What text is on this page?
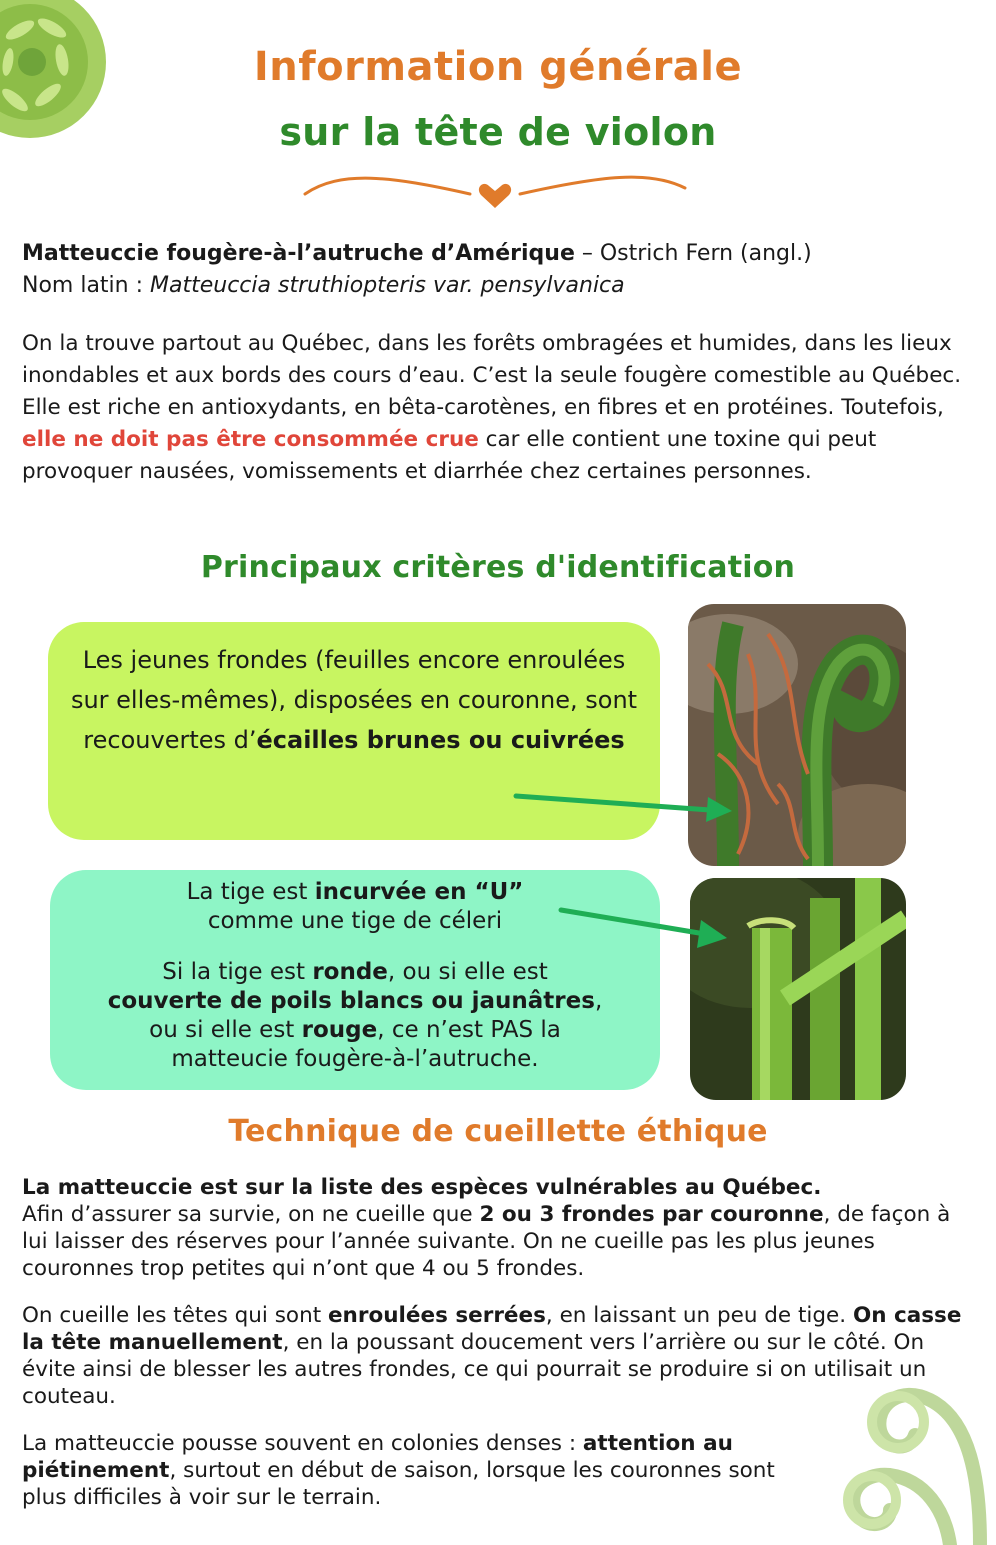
Information générale
sur la tête de violon

Matteuccie fougère-à-l’autruche d’Amérique – Ostrich Fern (angl.)

Nom latin : Matteuccia struthiopteris var. pensylvanica

On la trouve partout au Québec, dans les forêts ombragées et humides, dans les lieux inondables et aux bords des cours d’eau. C’est la seule fougère comestible au Québec. Elle est riche en antioxydants, en bêta-carotènes, en fibres et en protéines. Toutefois, elle ne doit pas être consommée crue car elle contient une toxine qui peut provoquer nausées, vomissements et diarrhée chez certaines personnes.

Principaux critères d'identification
Les jeunes frondes (feuilles encore enroulées sur elles-mêmes), disposées en couronne, sont recouvertes d’écailles brunes ou cuivrées
La tige est incurvée en “U”
comme une tige de céleri
Si la tige est ronde, ou si elle est
couverte de poils blancs ou jaunâtres,
ou si elle est rouge, ce n’est PAS la
matteucie fougère-à-l’autruche.
Technique de cueillette éthique

La matteuccie est sur la liste des espèces vulnérables au Québec.

Afin d’assurer sa survie, on ne cueille que 2 ou 3 frondes par couronne, de façon à lui laisser des réserves pour l’année suivante. On ne cueille pas les plus jeunes couronnes trop petites qui n’ont que 4 ou 5 frondes.

On cueille les têtes qui sont enroulées serrées, en laissant un peu de tige. On casse la tête manuellement, en la poussant doucement vers l’arrière ou sur le côté. On évite ainsi de blesser les autres frondes, ce qui pourrait se produire si on utilisait un couteau.

La matteuccie pousse souvent en colonies denses : attention au piétinement, surtout en début de saison, lorsque les couronnes sont plus difficiles à voir sur le terrain.
